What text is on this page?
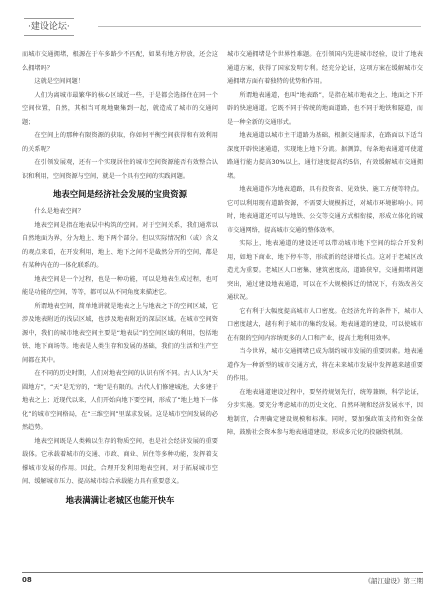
·建设论坛·

而城市交通拥堵，根源在于车多路少不匹配，如果有地方停放，还会这么拥堵吗？

这就是空间问题！

人们为离城市最繁华的核心区域近一些，于是都会选择住在同一个空间位置，自然，其相当可观地聚集到一起，就造成了城市的交通问题；

在空间上的那种有限资源的获取，你如何平衡空间获得和有效利用的关系呢？

在引领发展观，还有一个实现居住的城市空间资源能否有效整合认识和利用，空间资源与空间，就是一个具有空间的实践问题。

地表空间是经济社会发展的宝贵资源

什么是地表空间？

地表空间是指在地表层中构筑的空间。对于空间关系，我们通常以自然地面为界，分为地上、地下两个部分。但以实际情况和（或）含义的观点来看，在开发利用，地上、地下之间不是截然分开的空间，都是有某种内在的一体化联系的。

地表空间是一个过程，也是一种功能，可以是地表生成过程，也可能是功能的空间，等等，都可以从不同角度来描述它。

所谓地表空间，简单地讲就是地表之上与地表之下的空间区域，它涉及地表附近的浅层区域，也涉及地表附近的深层区域。在城市空间资源中，我们的城市地表空间主要是“地表层”的空间区域的利用，包括地铁、地下商场等。地表是人类生存和发展的基础，我们的生活和生产空间都在其中。

在不同的历史时期，人们对地表空间的认识有所不同。古人认为“天圆地方”，“天”是无穷的，“地”是有限的。古代人们修建城池，大多建于地表之上；近现代以来，人们开始向地下要空间，形成了“地上地下一体化”的城市空间格局，在“三维空间”里谋求发展。这是城市空间发展的必然趋势。

地表空间既是人类赖以生存的物质空间，也是社会经济发展的重要载体。它承载着城市的交通、市政、商业、居住等多种功能，发挥着支撑城市发展的作用。因此，合理开发利用地表空间，对于拓展城市空间、缓解城市压力、提高城市综合承载能力具有重要意义。

地表满满让老城区也能开快车

城市交通拥堵是个世界性难题。在引领国内先进城市经验，设计了地表通道方案，获得了国家发明专利。经充分论证，这项方案在缓解城市交通拥堵方面有着独特的优势和作用。

所谓地表通道，也叫“地表路”，是指在城市地表之上、地面之下开辟的快速通道。它既不同于传统的地面道路，也不同于地铁和隧道，而是一种全新的交通形式。

地表通道以城市主干道路为基础，根据交通需求，在路面以下适当深度开辟快速通道，实现地上地下分流。据测算，每条地表通道可使道路通行能力提高30%以上，通行速度提高约5倍，有效缓解城市交通拥堵。

地表通道作为地表道路，具有投资省、见效快、施工方便等特点。它可以利用现有道路资源，不需要大规模拆迁，对城市环境影响小。同时，地表通道还可以与地铁、公交等交通方式相衔接，形成立体化的城市交通网络，提高城市交通的整体效率。

实际上，地表通道的建设还可以带动城市地下空间的综合开发利用，如地下商业、地下停车等，形成新的经济增长点。这对于老城区改造尤为重要。老城区人口密集、建筑密度高，道路狭窄，交通拥堵问题突出，通过建设地表通道，可以在不大规模拆迁的情况下，有效改善交通状况。

它有利于大幅度提高城市人口密度。在经济允许的条件下，城市人口密度越大，越有利于城市的集约发展。地表通道的建设，可以使城市在有限的空间内容纳更多的人口和产业，提高土地利用效率。

当今世界，城市交通拥堵已成为制约城市发展的重要因素。地表通道作为一种新型的城市交通方式，将在未来城市发展中发挥越来越重要的作用。

在地表通道建设过程中，要坚持规划先行，统筹兼顾，科学论证，分步实施。要充分考虑城市的历史文化、自然环境和经济发展水平，因地制宜，合理确定建设规模和标准。同时，要加强政策支持和资金保障，鼓励社会资本参与地表通道建设，形成多元化的投融资机制。

08	《韶江建设》第三期
